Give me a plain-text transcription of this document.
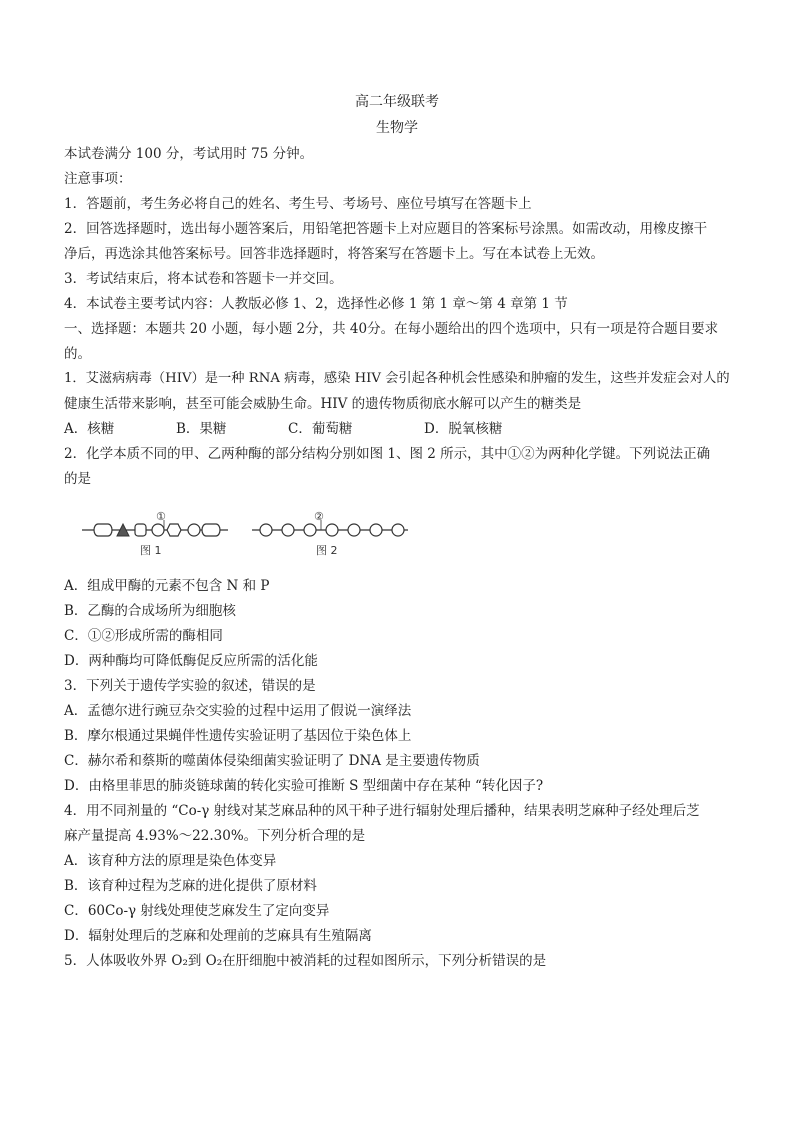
高二年级联考
生物学
本试卷满分 100 分，考试用时 75 分钟。
注意事项：
1．答题前，考生务必将自己的姓名、考生号、考场号、座位号填写在答题卡上
2．回答选择题时，选出每小题答案后，用铅笔把答题卡上对应题目的答案标号涂黑。如需改动，用橡皮擦干
净后，再选涂其他答案标号。回答非选择题时，将答案写在答题卡上。写在本试卷上无效。
3．考试结束后，将本试卷和答题卡一并交回。
4．本试卷主要考试内容：人教版必修 1、2，选择性必修 1 第 1 章～第 4 章第 1 节
一、选择题：本题共 20 小题，每小题 2分，共 40分。在每小题给出的四个选项中，只有一项是符合题目要求
的。
1．艾滋病病毒（HIV）是一种 RNA 病毒，感染 HIV 会引起各种机会性感染和肿瘤的发生，这些并发症会对人的
健康生活带来影响，甚至可能会威胁生命。HIV 的遗传物质彻底水解可以产生的糖类是
A．核糖	B．果糖	C．葡萄糖	D．脱氧核糖
2．化学本质不同的甲、乙两种酶的部分结构分别如图 1、图 2 所示，其中①②为两种化学键。下列说法正确
的是
①
图 1
②
图 2
A．组成甲酶的元素不包含 N 和 P
B．乙酶的合成场所为细胞核
C．①②形成所需的酶相同
D．两种酶均可降低酶促反应所需的活化能
3．下列关于遗传学实验的叙述，错误的是
A．孟德尔进行豌豆杂交实验的过程中运用了假说一演绎法
B．摩尔根通过果蝇伴性遗传实验证明了基因位于染色体上
C．赫尔希和蔡斯的噬菌体侵染细菌实验证明了 DNA 是主要遗传物质
D．由格里菲思的肺炎链球菌的转化实验可推断 S 型细菌中存在某种 “转化因子?
4．用不同剂量的 “Co-γ 射线对某芝麻品种的风干种子进行辐射处理后播种，结果表明芝麻种子经处理后芝
麻产量提高 4.93%～22.30%。下列分析合理的是
A．该育种方法的原理是染色体变异
B．该育种过程为芝麻的进化提供了原材料
C．60Co-γ 射线处理使芝麻发生了定向变异
D．辐射处理后的芝麻和处理前的芝麻具有生殖隔离
5．人体吸收外界 O₂到 O₂在肝细胞中被消耗的过程如图所示，下列分析错误的是
